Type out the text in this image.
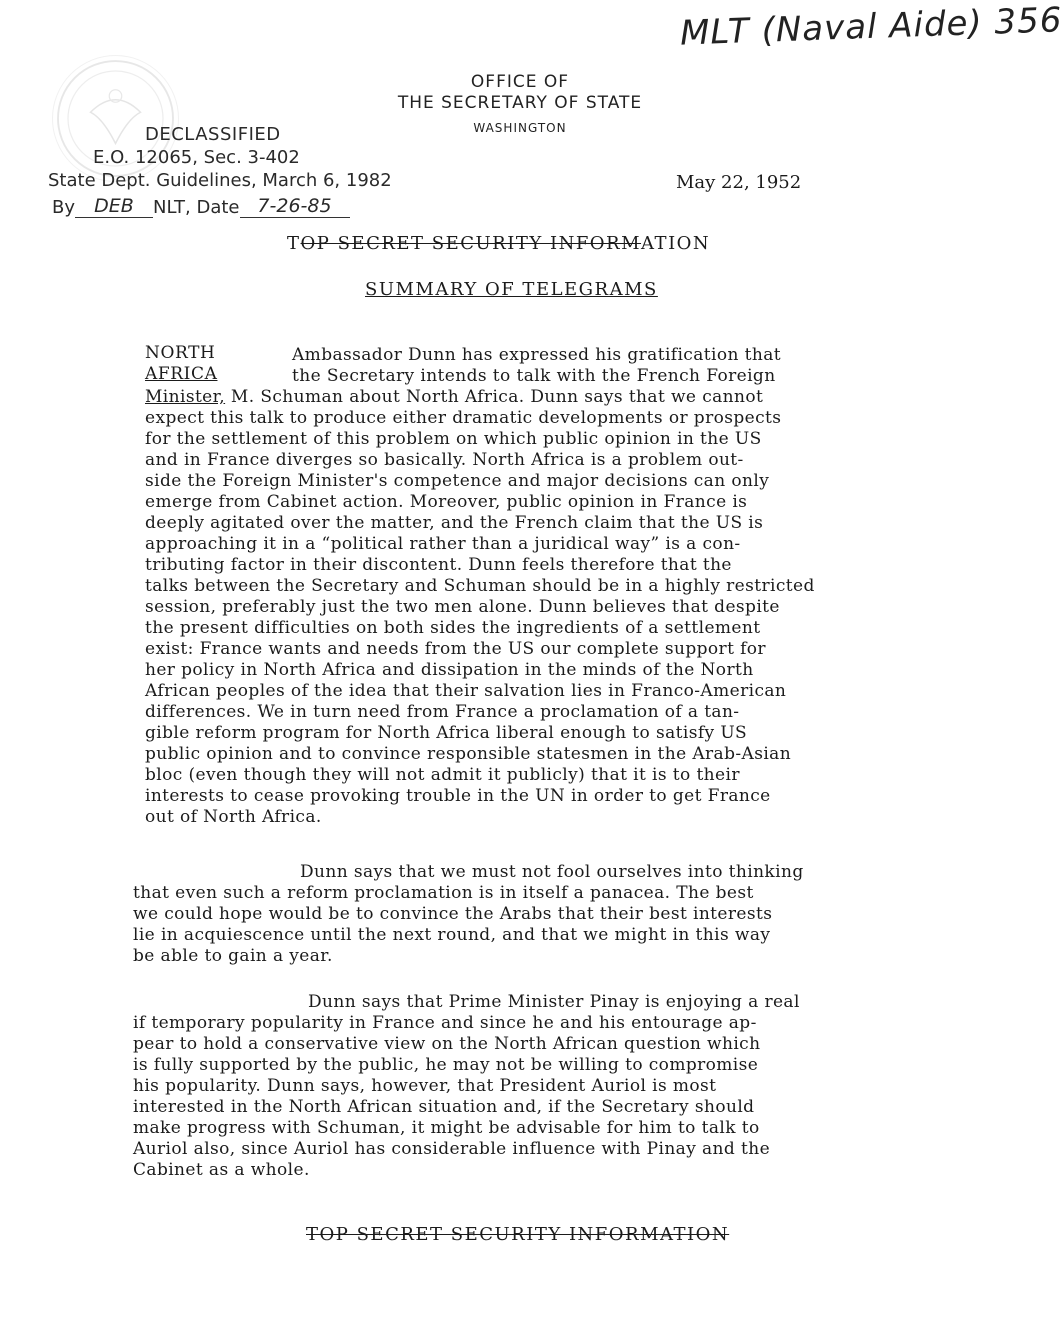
MLT (Naval Aide) 356
OFFICE OF
THE SECRETARY OF STATE
WASHINGTON
DECLASSIFIED
E.O. 12065, Sec. 3-402
State Dept. Guidelines, March 6, 1982
By	DEB	NLT, Date 7-26-85
May 22, 1952
TOP SECRET SECURITY INFORMATION
SUMMARY OF TELEGRAMS
NORTH
AFRICA
Ambassador Dunn has expressed his gratification that
the Secretary intends to talk with the French Foreign
Minister, M. Schuman about North Africa. Dunn says that we cannot
expect this talk to produce either dramatic developments or prospects
for the settlement of this problem on which public opinion in the US
and in France diverges so basically. North Africa is a problem out-
side the Foreign Minister's competence and major decisions can only
emerge from Cabinet action. Moreover, public opinion in France is
deeply agitated over the matter, and the French claim that the US is
approaching it in a “political rather than a juridical way” is a con-
tributing factor in their discontent. Dunn feels therefore that the
talks between the Secretary and Schuman should be in a highly restricted
session, preferably just the two men alone. Dunn believes that despite
the present difficulties on both sides the ingredients of a settlement
exist: France wants and needs from the US our complete support for
her policy in North Africa and dissipation in the minds of the North
African peoples of the idea that their salvation lies in Franco-American
differences. We in turn need from France a proclamation of a tan-
gible reform program for North Africa liberal enough to satisfy US
public opinion and to convince responsible statesmen in the Arab-Asian
bloc (even though they will not admit it publicly) that it is to their
interests to cease provoking trouble in the UN in order to get France
out of North Africa.
Dunn says that we must not fool ourselves into thinking
that even such a reform proclamation is in itself a panacea. The best
we could hope would be to convince the Arabs that their best interests
lie in acquiescence until the next round, and that we might in this way
be able to gain a year.
Dunn says that Prime Minister Pinay is enjoying a real
if temporary popularity in France and since he and his entourage ap-
pear to hold a conservative view on the North African question which
is fully supported by the public, he may not be willing to compromise
his popularity. Dunn says, however, that President Auriol is most
interested in the North African situation and, if the Secretary should
make progress with Schuman, it might be advisable for him to talk to
Auriol also, since Auriol has considerable influence with Pinay and the
Cabinet as a whole.
TOP SECRET SECURITY INFORMATION
